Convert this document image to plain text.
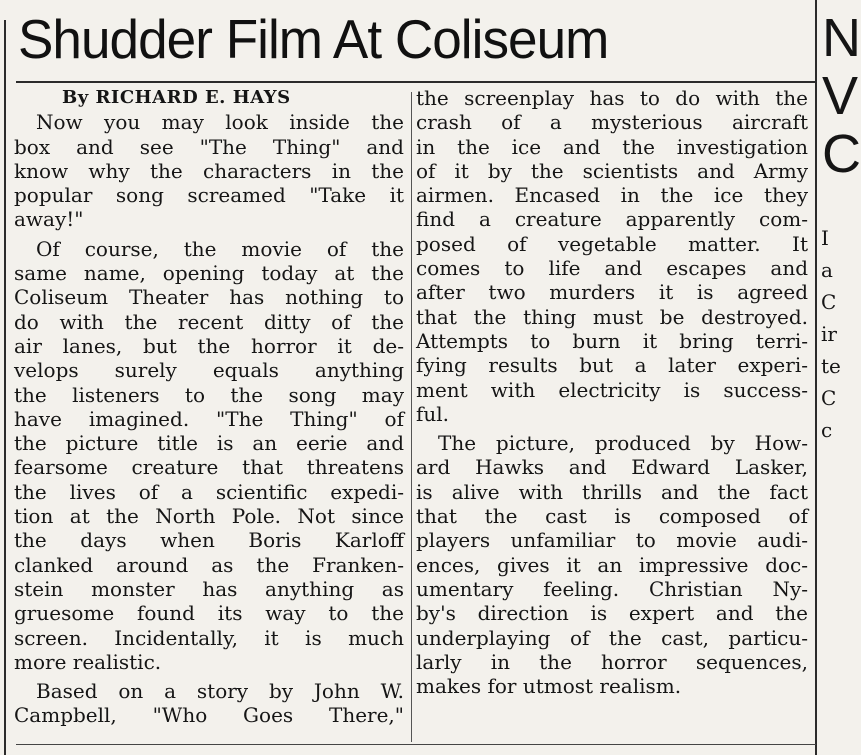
Shudder Film At Coliseum
By RICHARD E. HAYS
Now you may look inside the
box and see "The Thing" and
know why the characters in the
popular song screamed "Take it
away!"
Of course, the movie of the
same name, opening today at the
Coliseum Theater has nothing to
do with the recent ditty of the
air lanes, but the horror it de-
velops surely equals anything
the listeners to the song may
have imagined. "The Thing" of
the picture title is an eerie and
fearsome creature that threatens
the lives of a scientific expedi-
tion at the North Pole. Not since
the days when Boris Karloff
clanked around as the Franken-
stein monster has anything as
gruesome found its way to the
screen. Incidentally, it is much
more realistic.
Based on a story by John W.
Campbell, "Who Goes There,"
the screenplay has to do with the
crash of a mysterious aircraft
in the ice and the investigation
of it by the scientists and Army
airmen. Encased in the ice they
find a creature apparently com-
posed of vegetable matter. It
comes to life and escapes and
after two murders it is agreed
that the thing must be destroyed.
Attempts to burn it bring terri-
fying results but a later experi-
ment with electricity is success-
ful.
The picture, produced by How-
ard Hawks and Edward Lasker,
is alive with thrills and the fact
that the cast is composed of
players unfamiliar to movie audi-
ences, gives it an impressive doc-
umentary feeling. Christian Ny-
by's direction is expert and the
underplaying of the cast, particu-
larly in the horror sequences,
makes for utmost realism.
N
V
C
I
a
C
ir
te
C
c
